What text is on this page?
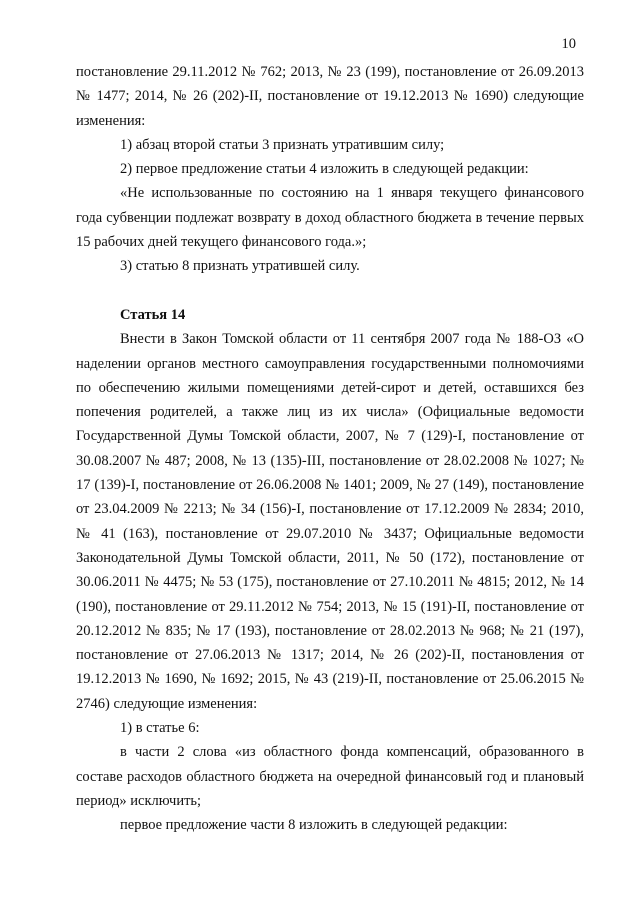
10

постановление 29.11.2012 № 762; 2013, № 23 (199), постановление от 26.09.2013 № 1477; 2014, № 26 (202)-II, постановление от 19.12.2013 № 1690) следующие изменения:

1) абзац второй статьи 3 признать утратившим силу;

2) первое предложение статьи 4 изложить в следующей редакции:

«Не использованные по состоянию на 1 января текущего финансового года субвенции подлежат возврату в доход областного бюджета в течение первых 15 рабочих дней текущего финансового года.»;

3) статью 8 признать утратившей силу.

Статья 14

Внести в Закон Томской области от 11 сентября 2007 года № 188-ОЗ «О наделении органов местного самоуправления государственными полномочиями по обеспечению жилыми помещениями детей-сирот и детей, оставшихся без попечения родителей, а также лиц из их числа» (Официальные ведомости Государственной Думы Томской области, 2007, № 7 (129)-I, постановление от 30.08.2007 № 487; 2008, № 13 (135)-III, постановление от 28.02.2008 № 1027; № 17 (139)-I, постановление от 26.06.2008 № 1401; 2009, № 27 (149), постановление от 23.04.2009 № 2213; № 34 (156)-I, постановление от 17.12.2009 № 2834; 2010, № 41 (163), постановление от 29.07.2010 № 3437; Официальные ведомости Законодательной Думы Томской области, 2011, № 50 (172), постановление от 30.06.2011 № 4475; № 53 (175), постановление от 27.10.2011 № 4815; 2012, № 14 (190), постановление от 29.11.2012 № 754; 2013, № 15 (191)-II, постановление от 20.12.2012 № 835; № 17 (193), постановление от 28.02.2013 № 968; № 21 (197), постановление от 27.06.2013 № 1317; 2014, № 26 (202)-II, постановления от 19.12.2013 № 1690, № 1692; 2015, № 43 (219)-II, постановление от 25.06.2015 № 2746) следующие изменения:

1) в статье 6:

в части 2 слова «из областного фонда компенсаций, образованного в составе расходов областного бюджета на очередной финансовый год и плановый период» исключить;

первое предложение части 8 изложить в следующей редакции:
